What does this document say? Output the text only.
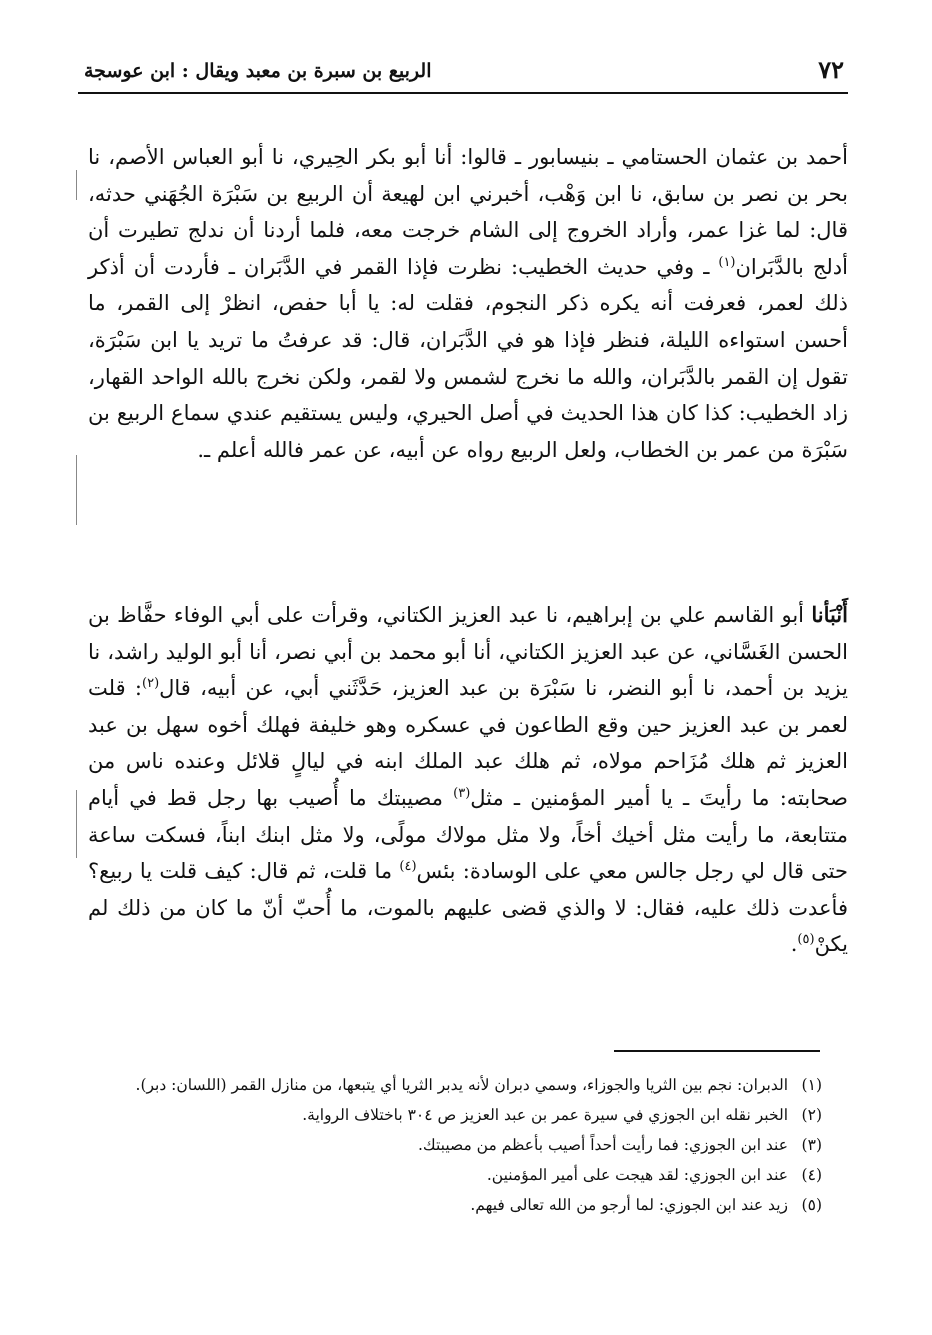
٧٢
الربيع بن سبرة بن معبد ويقال : ابن عوسجة

أحمد بن عثمان الحستامي ـ بنيسابور ـ قالوا: أنا أبو بكر الحِيري، نا أبو العباس الأصم، نا بحر بن نصر بن سابق، نا ابن وَهْب، أخبرني ابن لهيعة أن الربيع بن سَبْرَة الجُهَني حدثه، قال: لما غزا عمر، وأراد الخروج إلى الشام خرجت معه، فلما أردنا أن ندلج تطيرت أن أدلج بالدَّبَران$^{(١)}$ ـ وفي حديث الخطيب: نظرت فإذا القمر في الدَّبَران ـ فأردت أن أذكر ذلك لعمر، فعرفت أنه يكره ذكر النجوم، فقلت له: يا أبا حفص، انظرْ إلى القمر، ما أحسن استواءه الليلة، فنظر فإذا هو في الدَّبَران، قال: قد عرفتُ ما تريد يا ابن سَبْرَة، تقول إن القمر بالدَّبَران، والله ما نخرج لشمس ولا لقمر، ولكن نخرج بالله الواحد القهار، زاد الخطيب: كذا كان هذا الحديث في أصل الحيري، وليس يستقيم عندي سماع الربيع بن سَبْرَة من عمر بن الخطاب، ولعل الربيع رواه عن أبيه، عن عمر فالله أعلم ـ.

أَنْبَأنا أبو القاسم علي بن إبراهيم، نا عبد العزيز الكتاني، وقرأت على أبي الوفاء حفَّاظ بن الحسن الغَسَّاني، عن عبد العزيز الكتاني، أنا أبو محمد بن أبي نصر، أنا أبو الوليد راشد، نا يزيد بن أحمد، نا أبو النضر، نا سَبْرَة بن عبد العزيز، حَدَّثَني أبي، عن أبيه، قال$^{(٢)}$: قلت لعمر بن عبد العزيز حين وقع الطاعون في عسكره وهو خليفة فهلك أخوه سهل بن عبد العزيز ثم هلك مُزَاحم مولاه، ثم هلك عبد الملك ابنه في ليالٍ قلائل وعنده ناس من صحابته: ما رأيتَ ـ يا أمير المؤمنين ـ مثل$^{(٣)}$ مصيبتك ما أُصيب بها رجل قط في أيام متتابعة، ما رأيت مثل أخيك أخاً، ولا مثل مولاك مولًى، ولا مثل ابنك ابناً، فسكت ساعة حتى قال لي رجل جالس معي على الوسادة: بئس$^{(٤)}$ ما قلت، ثم قال: كيف قلت يا ربيع؟ فأعدت ذلك عليه، فقال: لا والذي قضى عليهم بالموت، ما أُحبّ أنّ ما كان من ذلك لم يكنْ$^{(٥)}$.

(١)
الدبران: نجم بين الثريا والجوزاء، وسمي دبران لأنه يدبر الثريا أي يتبعها، من منازل القمر (اللسان: دبر).
(٢)
الخبر نقله ابن الجوزي في سيرة عمر بن عبد العزيز ص ٣٠٤ باختلاف الرواية.
(٣)
عند ابن الجوزي: فما رأيت أحداً أصيب بأعظم من مصيبتك.
(٤)
عند ابن الجوزي: لقد هيجت على أمير المؤمنين.
(٥)
زيد عند ابن الجوزي: لما أرجو من الله تعالى فيهم.
